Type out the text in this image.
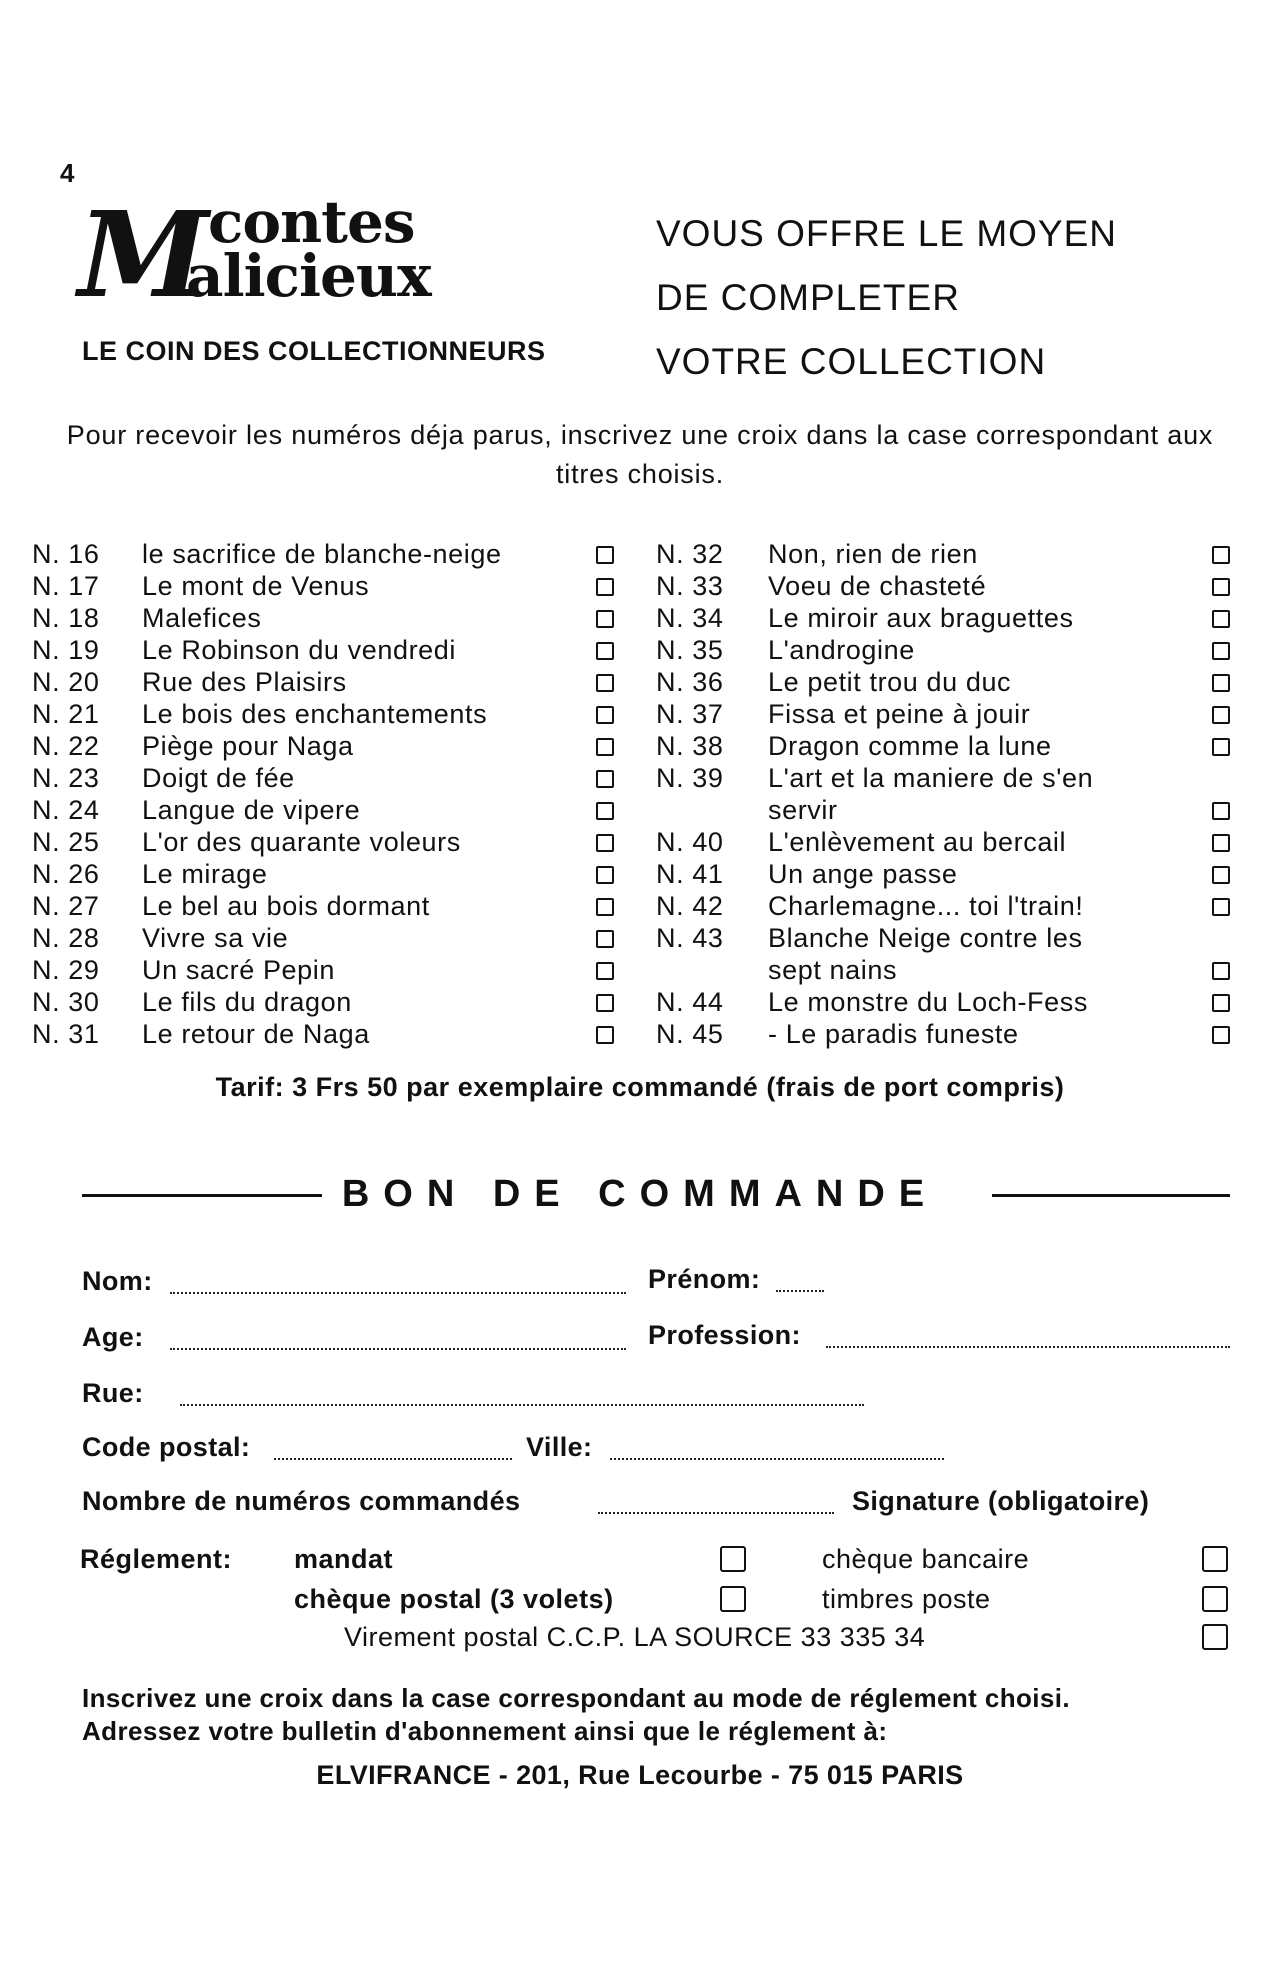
4
M contes
alicieux
LE COIN DES COLLECTIONNEURS
VOUS OFFRE LE MOYEN
DE COMPLETER
VOTRE COLLECTION
Pour recevoir les numéros déja parus, inscrivez une croix dans la case correspondant aux titres choisis.
N. 16 le sacrifice de blanche-neige
N. 17 Le mont de Venus
N. 18 Malefices
N. 19 Le Robinson du vendredi
N. 20 Rue des Plaisirs
N. 21 Le bois des enchantements
N. 22 Piège pour Naga
N. 23 Doigt de fée
N. 24 Langue de vipere
N. 25 L'or des quarante voleurs
N. 26 Le mirage
N. 27 Le bel au bois dormant
N. 28 Vivre sa vie
N. 29 Un sacré Pepin
N. 30 Le fils du dragon
N. 31 Le retour de Naga
N. 32 Non, rien de rien
N. 33 Voeu de chasteté
N. 34 Le miroir aux braguettes
N. 35 L'androgine
N. 36 Le petit trou du duc
N. 37 Fissa et peine à jouir
N. 38 Dragon comme la lune
N. 39 L'art et la maniere de s'en
servir
N. 40 L'enlèvement au bercail
N. 41 Un ange passe
N. 42 Charlemagne... toi l'train!
N. 43 Blanche Neige contre les
sept nains
N. 44 Le monstre du Loch-Fess
N. 45 - Le paradis funeste
Tarif: 3 Frs 50 par exemplaire commandé (frais de port compris)
BON DE COMMANDE
Nom:	Prénom:
Age:	Profession:
Rue:
Code postal:	Ville:
Nombre de numéros commandés	Signature (obligatoire)
Réglement: mandat	chèque bancaire
chèque postal (3 volets)	timbres poste
Virement postal C.C.P. LA SOURCE 33 335 34
Inscrivez une croix dans la case correspondant au mode de réglement choisi.
Adressez votre bulletin d'abonnement ainsi que le réglement à:
ELVIFRANCE - 201, Rue Lecourbe - 75 015 PARIS
